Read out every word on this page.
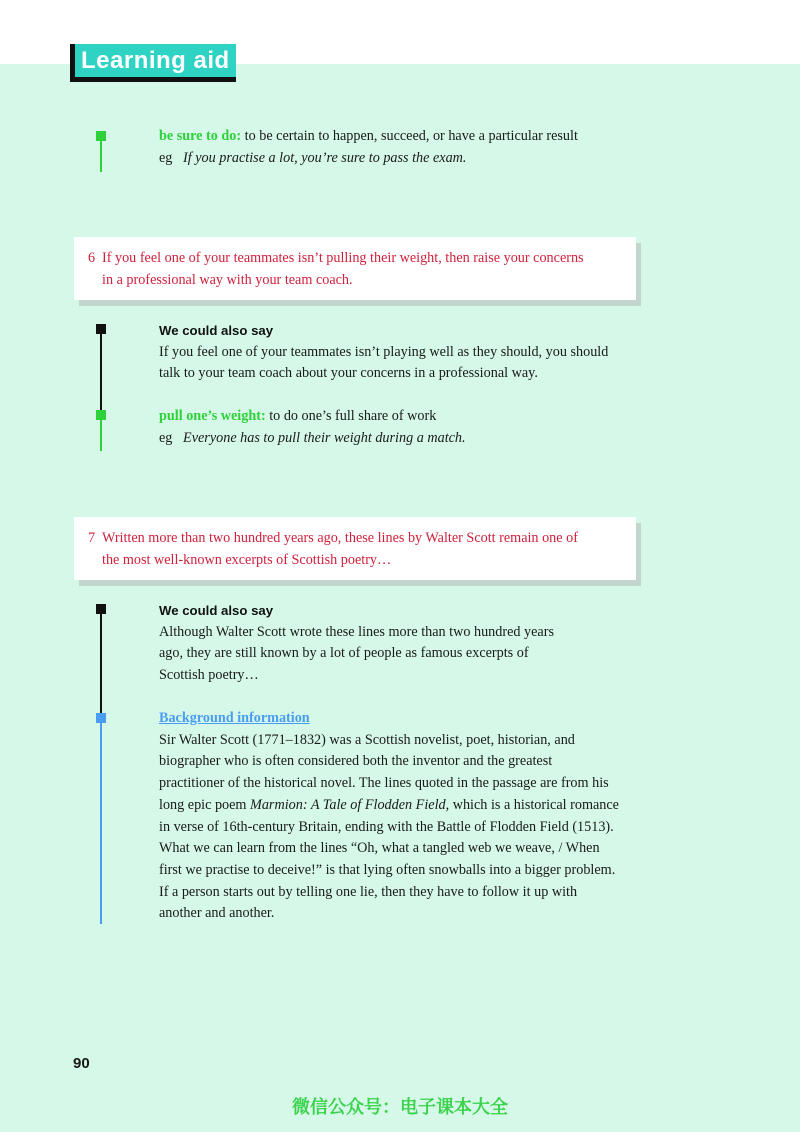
Learning aid

be sure to do: to be certain to happen, succeed, or have a particular result

eg If you practise a lot, you’re sure to pass the exam.

6 If you feel one of your teammates isn’t pulling their weight, then raise your concerns

in a professional way with your team coach.

We could also say

If you feel one of your teammates isn’t playing well as they should, you should

talk to your team coach about your concerns in a professional way.

pull one’s weight: to do one’s full share of work

eg Everyone has to pull their weight during a match.

7 Written more than two hundred years ago, these lines by Walter Scott remain one of

the most well-known excerpts of Scottish poetry…

We could also say

Although Walter Scott wrote these lines more than two hundred years

ago, they are still known by a lot of people as famous excerpts of

Scottish poetry…

Background information

Sir Walter Scott (1771–1832) was a Scottish novelist, poet, historian, and

biographer who is often considered both the inventor and the greatest

practitioner of the historical novel. The lines quoted in the passage are from his

long epic poem Marmion: A Tale of Flodden Field, which is a historical romance

in verse of 16th-century Britain, ending with the Battle of Flodden Field (1513).

What we can learn from the lines “Oh, what a tangled web we weave, / When

first we practise to deceive!” is that lying often snowballs into a bigger problem.

If a person starts out by telling one lie, then they have to follow it up with

another and another.

90
微信公众号：电子课本大全
